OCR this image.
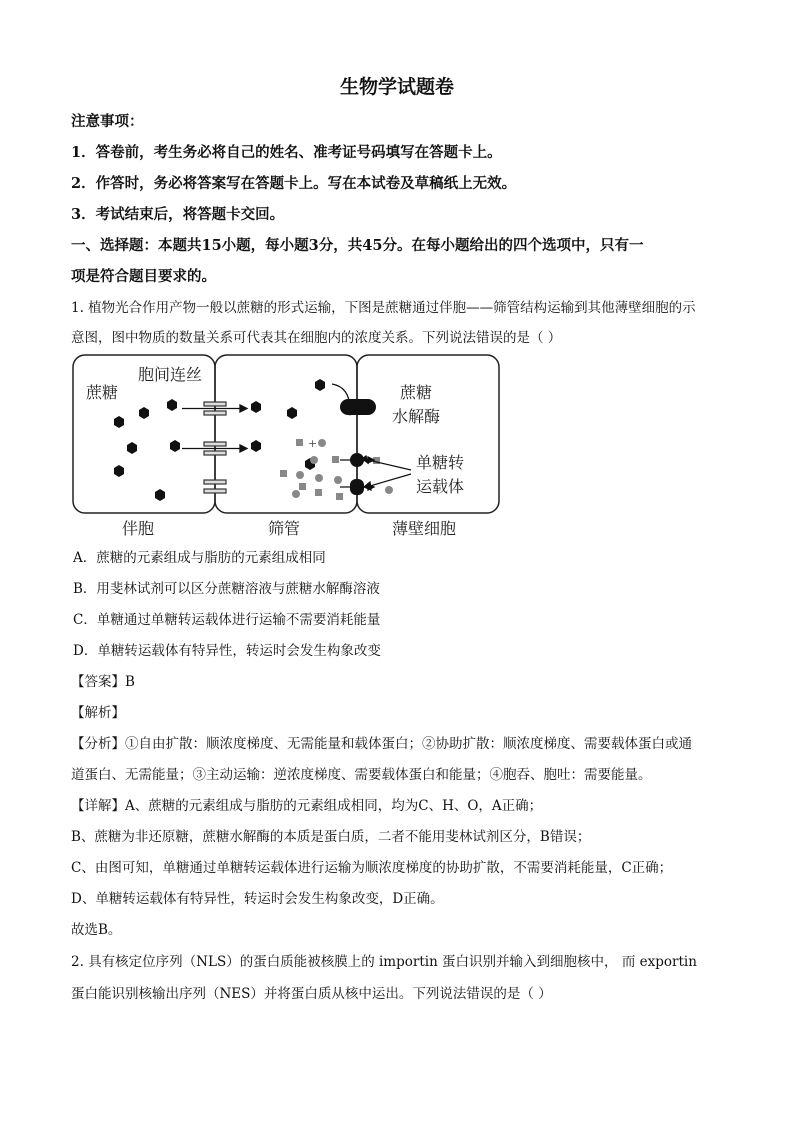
生物学试题卷
注意事项：
1．答卷前，考生务必将自己的姓名、准考证号码填写在答题卡上。
2．作答时，务必将答案写在答题卡上。写在本试卷及草稿纸上无效。
3．考试结束后，将答题卡交回。
一、选择题：本题共15小题，每小题3分，共45分。在每小题给出的四个选项中，只有一
项是符合题目要求的。
1. 植物光合作用产物一般以蔗糖的形式运输，下图是蔗糖通过伴胞——筛管结构运输到其他薄壁细胞的示
意图，图中物质的数量关系可代表其在细胞内的浓度关系。下列说法错误的是（ ）
+
蔗糖
胞间连丝
蔗糖
水解酶
单糖转
运载体
伴胞	筛管	薄壁细胞
A．蔗糖的元素组成与脂肪的元素组成相同
B．用斐林试剂可以区分蔗糖溶液与蔗糖水解酶溶液
C．单糖通过单糖转运载体进行运输不需要消耗能量
D．单糖转运载体有特异性，转运时会发生构象改变
【答案】B
【解析】
【分析】①自由扩散：顺浓度梯度、无需能量和载体蛋白；②协助扩散：顺浓度梯度、需要载体蛋白或通
道蛋白、无需能量；③主动运输：逆浓度梯度、需要载体蛋白和能量；④胞吞、胞吐：需要能量。
【详解】A、蔗糖的元素组成与脂肪的元素组成相同，均为C、H、O，A正确；
B、蔗糖为非还原糖，蔗糖水解酶的本质是蛋白质，二者不能用斐林试剂区分，B错误；
C、由图可知，单糖通过单糖转运载体进行运输为顺浓度梯度的协助扩散，不需要消耗能量，C正确；
D、单糖转运载体有特异性，转运时会发生构象改变，D正确。
故选B。
2. 具有核定位序列（NLS）的蛋白质能被核膜上的 importin 蛋白识别并输入到细胞核中， 而 exportin
蛋白能识别核输出序列（NES）并将蛋白质从核中运出。下列说法错误的是（ ）
